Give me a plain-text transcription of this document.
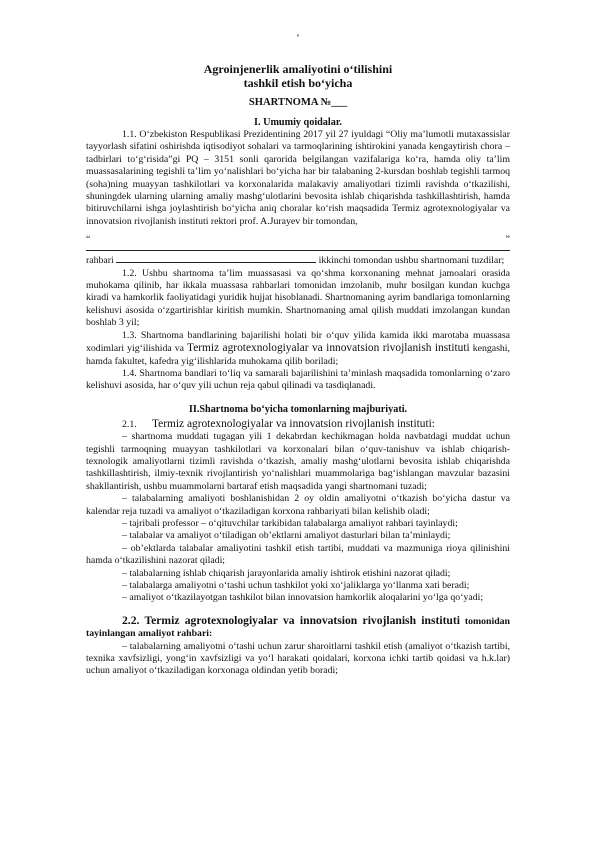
‘
Agroinjenerlik amaliyotini o‘tilishini
tashkil etish bo‘yicha
SHARTNOMA №___
I. Umumiy qoidalar.

1.1. O‘zbekiston Respublikasi Prezidentining 2017 yil 27 iyuldagi “Oliy ma’lumotli mutaxassislar tayyorlash sifatini oshirishda iqtisodiyot sohalari va tarmoqlarining ishtirokini yanada kengaytirish chora – tadbirlari to‘g‘risida”gi PQ – 3151 sonli qarorida belgilangan vazifalariga ko‘ra, hamda oliy ta’lim muassasalarining tegishli ta’lim yo‘nalishlari bo‘yicha har bir talabaning 2-kursdan boshlab tegishli tarmoq (soha)ning muayyan tashkilotlari va korxonalarida malakaviy amaliyotlari tizimli ravishda o‘tkazilishi, shuningdek ularning ularning amaliy mashg‘ulotlarini bevosita ishlab chiqarishda tashkillashtirish, hamda bitiruvchilarni ishga joylashtirish bo‘yicha aniq choralar ko‘rish maqsadida Termiz agrotexnologiyalar va innovatsion rivojlanish instituti rektori prof. A.Jurayev bir tomondan,

“	”

rahbari	ikkinchi tomondan ushbu shartnomani tuzdilar;

1.2. Ushbu shartnoma ta’lim muassasasi va qo‘shma korxonaning mehnat jamoalari orasida muhokama qilinib, har ikkala muassasa rahbarlari tomonidan imzolanib, muhr bosilgan kundan kuchga kiradi va hamkorlik faoliyatidagi yuridik hujjat hisoblanadi. Shartnomaning ayrim bandlariga tomonlarning kelishuvi asosida o‘zgartirishlar kiritish mumkin. Shartnomaning amal qilish muddati imzolangan kundan boshlab 3 yil;

1.3. Shartnoma bandlarining bajarilishi holati bir o‘quv yilida kamida ikki marotaba muassasa xodimlari yig‘ilishida va Termiz agrotexnologiyalar va innovatsion rivojlanish instituti kengashi, hamda fakultet, kafedra yig‘ilishlarida muhokama qilib boriladi;

1.4. Shartnoma bandlari to‘liq va samarali bajarilishini ta’minlash maqsadida tomonlarning o‘zaro kelishuvi asosida, har o‘quv yili uchun reja qabul qilinadi va tasdiqlanadi.

II.Shartnoma bo‘yicha tomonlarning majburiyati.
2.1. Termiz agrotexnologiyalar va innovatsion rivojlanish instituti:

– shartnoma muddati tugagan yili 1 dekabrdan kechikmagan holda navbatdagi muddat uchun tegishli tarmoqning muayyan tashkilotlari va korxonalari bilan o‘quv-tanishuv va ishlab chiqarish-texnologik amaliyotlarni tizimli ravishda o‘tkazish, amaliy mashg‘ulotlarni bevosita ishlab chiqarishda tashkillashtirish, ilmiy-texnik rivojlantirish yo‘nalishlari muammolariga bag‘ishlangan mavzular bazasini shakllantirish, ushbu muammolarni bartaraf etish maqsadida yangi shartnomani tuzadi;

– talabalarning amaliyoti boshlanishidan 2 oy oldin amaliyotni o‘tkazish bo‘yicha dastur va kalendar reja tuzadi va amaliyot o‘tkaziladigan korxona rahbariyati bilan kelishib oladi;

– tajribali professor – o‘qituvchilar tarkibidan talabalarga amaliyot rahbari tayinlaydi;

– talabalar va amaliyot o‘tiladigan ob’ektlarni amaliyot dasturlari bilan ta’minlaydi;

– ob’ektlarda talabalar amaliyotini tashkil etish tartibi, muddati va mazmuniga rioya qilinishini hamda o‘tkazilishini nazorat qiladi;

– talabalarning ishlab chiqarish jarayonlarida amaliy ishtirok etishini nazorat qiladi;

– talabalarga amaliyotni o‘tashi uchun tashkilot yoki xo‘jaliklarga yo‘llanma xati beradi;

– amaliyot o‘tkazilayotgan tashkilot bilan innovatsion hamkorlik aloqalarini yo‘lga qo‘yadi;

2.2. Termiz agrotexnologiyalar va innovatsion rivojlanish instituti tomonidan tayinlangan amaliyot rahbari:

– talabalarning amaliyotni o‘tashi uchun zarur sharoitlarni tashkil etish (amaliyot o‘tkazish tartibi, texnika xavfsizligi, yong‘in xavfsizligi va yo‘l harakati qoidalari, korxona ichki tartib qoidasi va h.k.lar) uchun amaliyot o‘tkaziladigan korxonaga oldindan yetib boradi;
